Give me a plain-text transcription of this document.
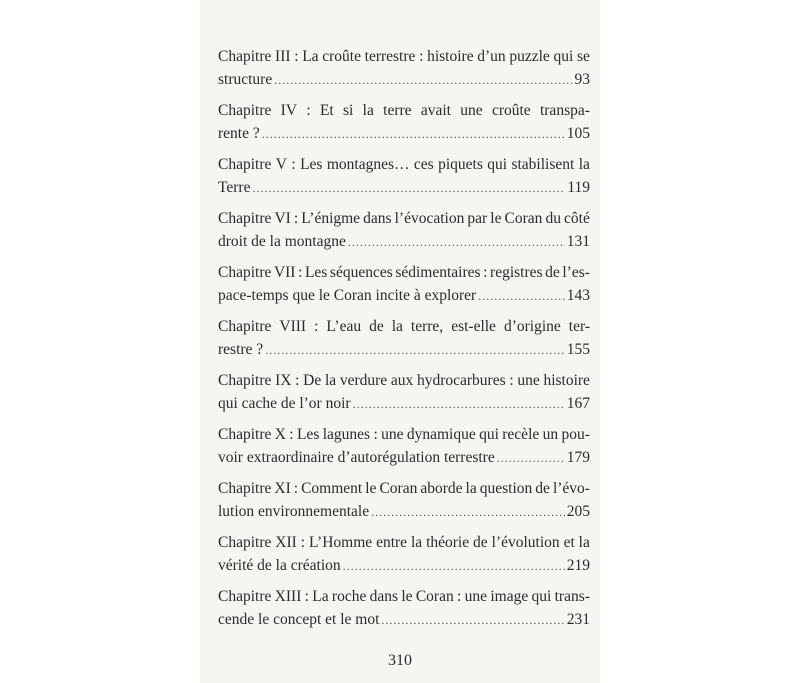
Chapitre III : La croûte terrestre : histoire d’un puzzle qui se
structure .....	93
Chapitre IV : Et si la terre avait une croûte transpa-
rente ? .....	105
Chapitre V : Les montagnes… ces piquets qui stabilisent la
Terre .....	119
Chapitre VI : L’énigme dans l’évocation par le Coran du côté
droit de la montagne .....	131
Chapitre VII : Les séquences sédimentaires : registres de l’es-
pace-temps que le Coran incite à explorer .....	143
Chapitre VIII : L’eau de la terre, est-elle d’origine ter-
restre ? .....	155
Chapitre IX : De la verdure aux hydrocarbures : une histoire
qui cache de l’or noir .....	167
Chapitre X : Les lagunes : une dynamique qui recèle un pou-
voir extraordinaire d’autorégulation terrestre .....	179
Chapitre XI : Comment le Coran aborde la question de l’évo-
lution environnementale .....	205
Chapitre XII : L’Homme entre la théorie de l’évolution et la
vérité de la création .....	219
Chapitre XIII : La roche dans le Coran : une image qui trans-
cende le concept et le mot .....	231
310
